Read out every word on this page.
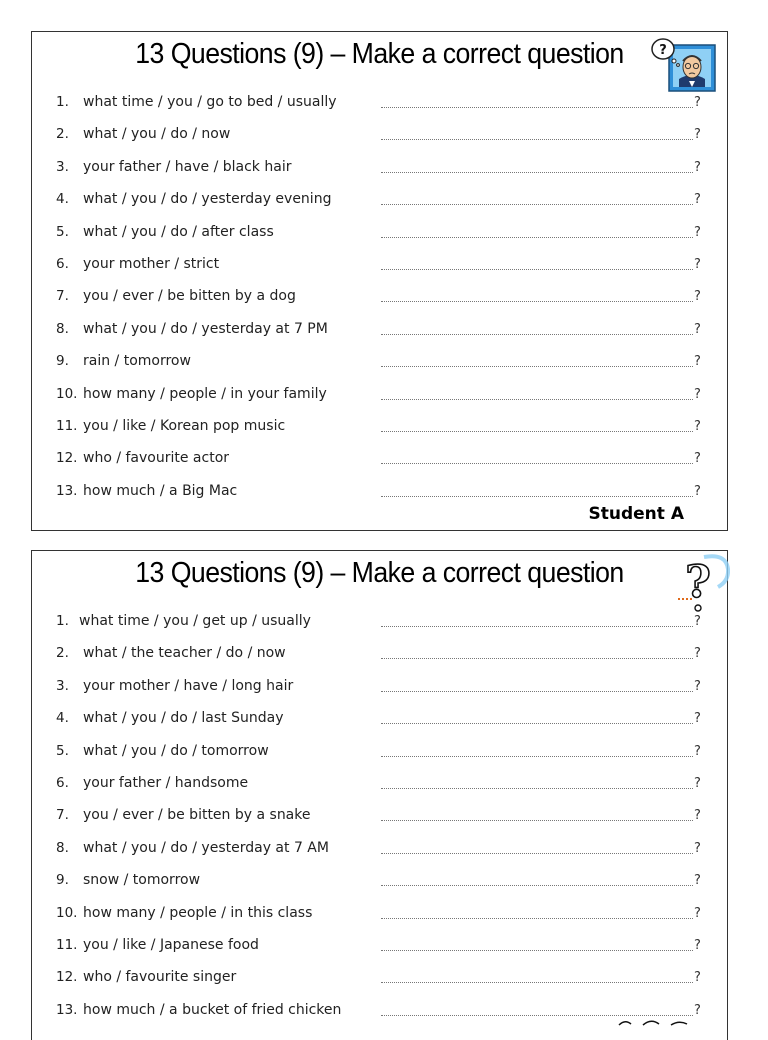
13 Questions (9) – Make a correct question	?
1. what time / you / go to bed / usually	?
2. what / you / do / now	?
3. your father / have / black hair	?
4. what / you / do / yesterday evening	?
5. what / you / do / after class	?
6. your mother / strict	?
7. you / ever / be bitten by a dog	?
8. what / you / do / yesterday at 7 PM	?
9. rain / tomorrow	?
10. how many / people / in your family	?
11. you / like / Korean pop music	?
12. who / favourite actor	?
13. how much / a Big Mac	?
Student A
13 Questions (9) – Make a correct question	?
1. what time / you / get up / usually	?
2. what / the teacher / do / now	?
3. your mother / have / long hair	?
4. what / you / do / last Sunday	?
5. what / you / do / tomorrow	?
6. your father / handsome	?
7. you / ever / be bitten by a snake	?
8. what / you / do / yesterday at 7 AM	?
9. snow / tomorrow	?
10. how many / people / in this class	?
11. you / like / Japanese food	?
12. who / favourite singer	?
13. how much / a bucket of fried chicken	?
